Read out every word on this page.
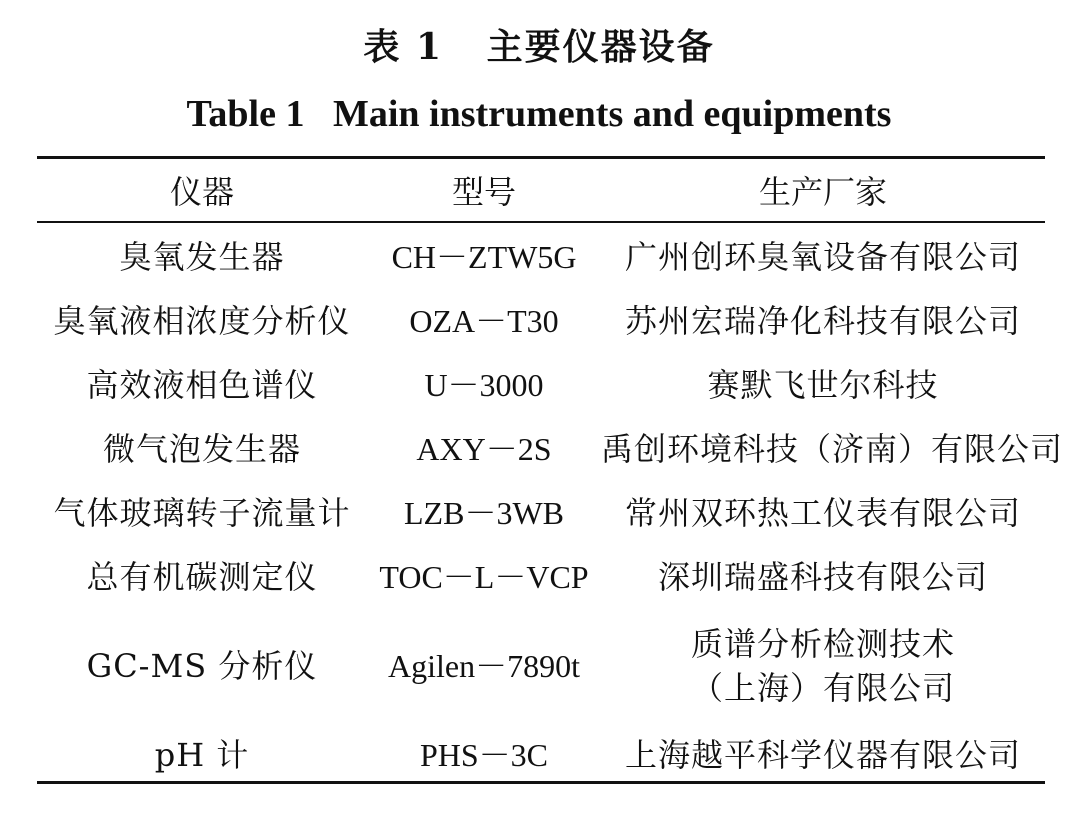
表 1   主要仪器设备
Table 1   Main instruments and equipments
仪器	型号	生产厂家
臭氧发生器	CH－ZTW5G	广州创环臭氧设备有限公司
臭氧液相浓度分析仪	OZA－T30	苏州宏瑞净化科技有限公司
高效液相色谱仪	U－3000	赛默飞世尔科技
微气泡发生器	AXY－2S	禹创环境科技（济南）有限公司
气体玻璃转子流量计	LZB－3WB	常州双环热工仪表有限公司
总有机碳测定仪	TOC－L－VCP	深圳瑞盛科技有限公司
GC-MS 分析仪	Agilen－7890t	质谱分析检测技术
（上海）有限公司

pH 计	PHS－3C	上海越平科学仪器有限公司
